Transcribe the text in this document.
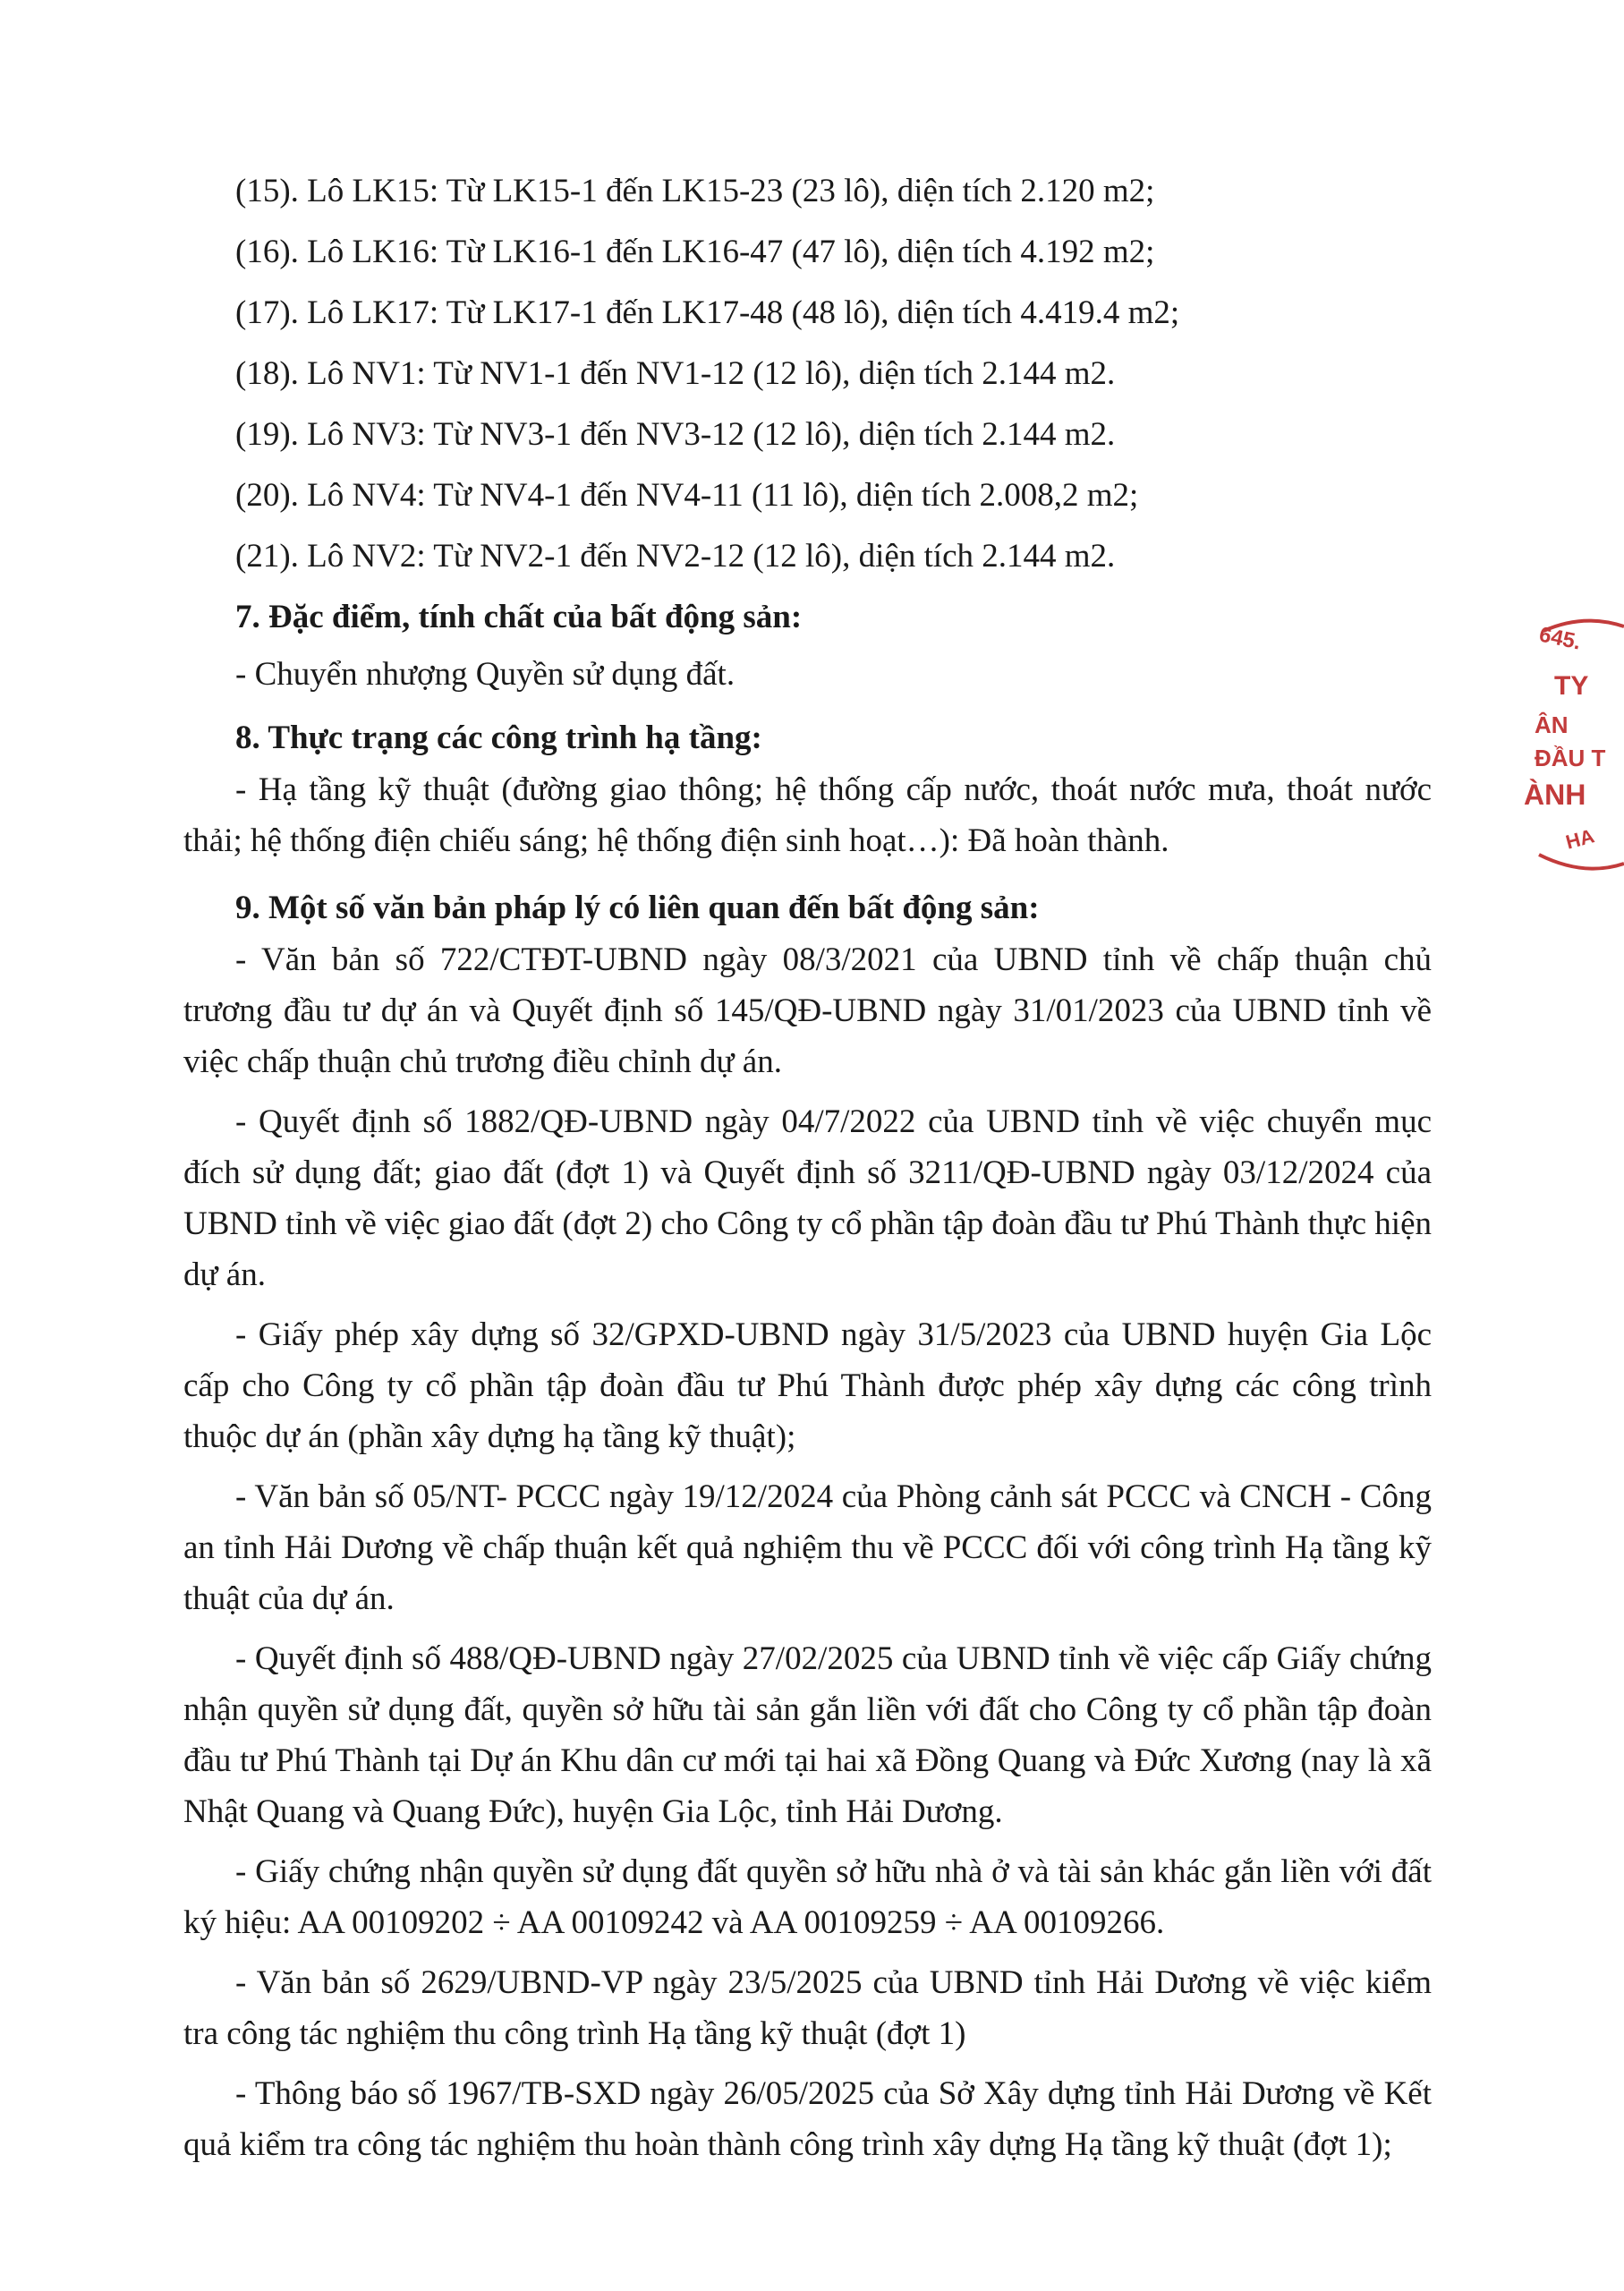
(15). Lô LK15: Từ LK15-1 đến LK15-23 (23 lô), diện tích 2.120 m2;
(16). Lô LK16: Từ LK16-1 đến LK16-47 (47 lô), diện tích 4.192 m2;
(17). Lô LK17: Từ LK17-1 đến LK17-48 (48 lô), diện tích 4.419.4 m2;
(18). Lô NV1: Từ NV1-1 đến NV1-12 (12 lô), diện tích 2.144 m2.
(19). Lô NV3: Từ NV3-1 đến NV3-12 (12 lô), diện tích 2.144 m2.
(20). Lô NV4: Từ NV4-1 đến NV4-11 (11 lô), diện tích 2.008,2 m2;
(21). Lô NV2: Từ NV2-1 đến NV2-12 (12 lô), diện tích 2.144 m2.
7. Đặc điểm, tính chất của bất động sản:
- Chuyển nhượng Quyền sử dụng đất.
8. Thực trạng các công trình hạ tầng:
- Hạ tầng kỹ thuật (đường giao thông; hệ thống cấp nước, thoát nước mưa, thoát nước thải; hệ thống điện chiếu sáng; hệ thống điện sinh hoạt…): Đã hoàn thành.
9. Một số văn bản pháp lý có liên quan đến bất động sản:
- Văn bản số 722/CTĐT-UBND ngày 08/3/2021 của UBND tỉnh về chấp thuận chủ trương đầu tư dự án và Quyết định số 145/QĐ-UBND ngày 31/01/2023 của UBND tỉnh về việc chấp thuận chủ trương điều chỉnh dự án.
- Quyết định số 1882/QĐ-UBND ngày 04/7/2022 của UBND tỉnh về việc chuyển mục đích sử dụng đất; giao đất (đợt 1) và Quyết định số 3211/QĐ-UBND ngày 03/12/2024 của UBND tỉnh về việc giao đất (đợt 2) cho Công ty cổ phần tập đoàn đầu tư Phú Thành thực hiện dự án.
- Giấy phép xây dựng số 32/GPXD-UBND ngày 31/5/2023 của UBND huyện Gia Lộc cấp cho Công ty cổ phần tập đoàn đầu tư Phú Thành được phép xây dựng các công trình thuộc dự án (phần xây dựng hạ tầng kỹ thuật);
- Văn bản số 05/NT- PCCC ngày 19/12/2024 của Phòng cảnh sát PCCC và CNCH - Công an tỉnh Hải Dương về chấp thuận kết quả nghiệm thu về PCCC đối với công trình Hạ tầng kỹ thuật của dự án.
- Quyết định số 488/QĐ-UBND ngày 27/02/2025 của UBND tỉnh về việc cấp Giấy chứng nhận quyền sử dụng đất, quyền sở hữu tài sản gắn liền với đất cho Công ty cổ phần tập đoàn đầu tư Phú Thành tại Dự án Khu dân cư mới tại hai xã Đồng Quang và Đức Xương (nay là xã Nhật Quang và Quang Đức), huyện Gia Lộc, tỉnh Hải Dương.
- Giấy chứng nhận quyền sử dụng đất quyền sở hữu nhà ở và tài sản khác gắn liền với đất ký hiệu: AA 00109202 ÷ AA 00109242 và AA 00109259 ÷ AA 00109266.
- Văn bản số 2629/UBND-VP ngày 23/5/2025 của UBND tỉnh Hải Dương về việc kiểm tra công tác nghiệm thu công trình Hạ tầng kỹ thuật (đợt 1)
- Thông báo số 1967/TB-SXD ngày 26/05/2025 của Sở Xây dựng tỉnh Hải Dương về Kết quả kiểm tra công tác nghiệm thu hoàn thành công trình xây dựng Hạ tầng kỹ thuật (đợt 1);
645.
TY
ÂN
ĐẦU T
ÀNH
HA
